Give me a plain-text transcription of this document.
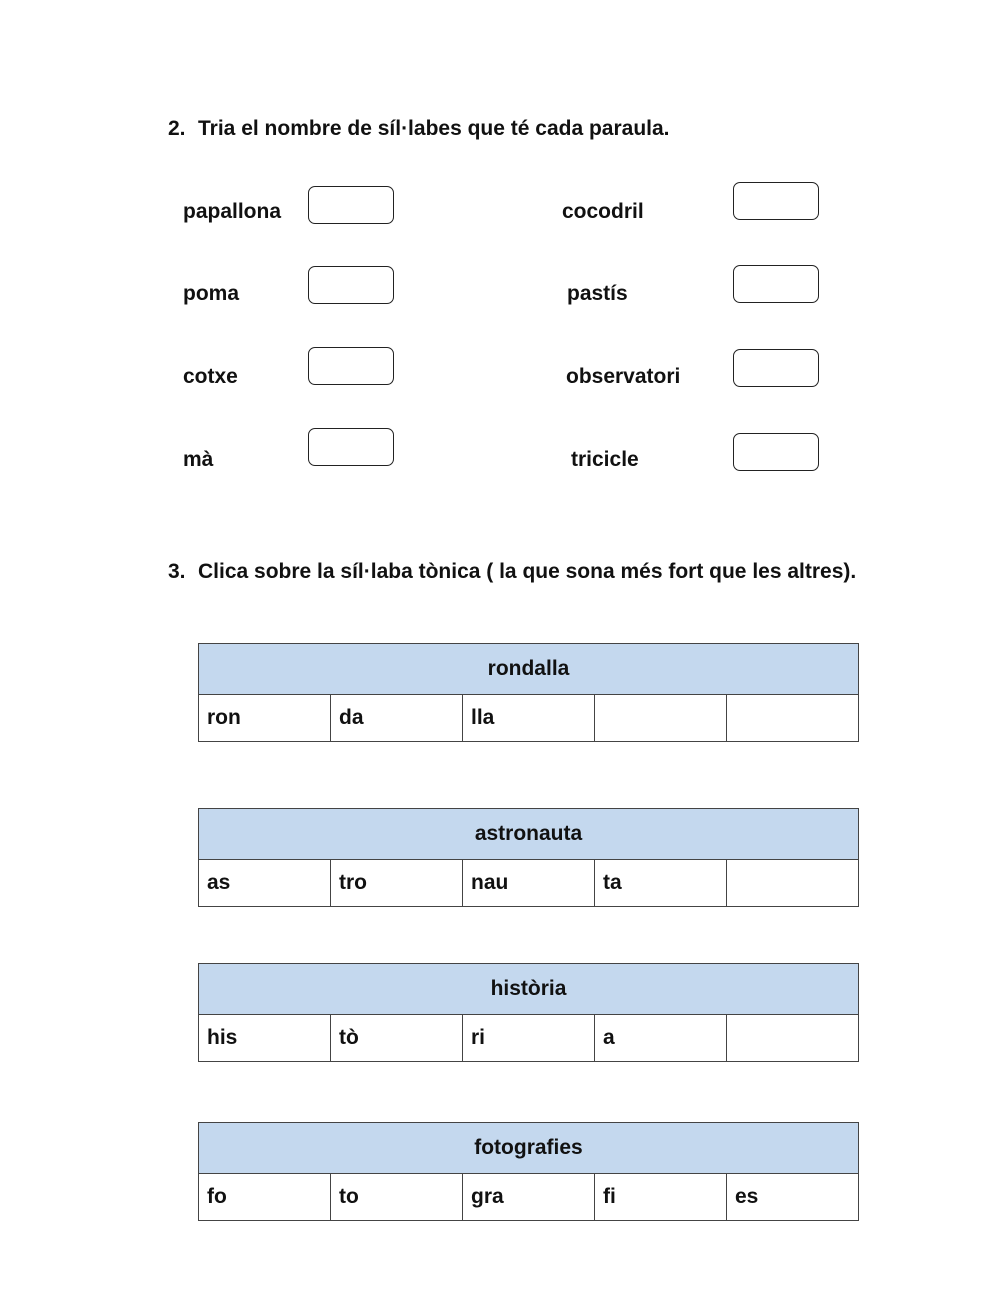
2. Tria el nombre de síl·labes que té cada paraula.
papallona
poma
cotxe
mà
cocodril
pastís
observatori
tricicle
3. Clica sobre la síl·laba tònica ( la que sona més fort que les altres).
rondalla
ron	da	lla
astronauta
as	tro	nau	ta
història
his	tò	ri	a
fotografies
fo	to	gra	fi	es
